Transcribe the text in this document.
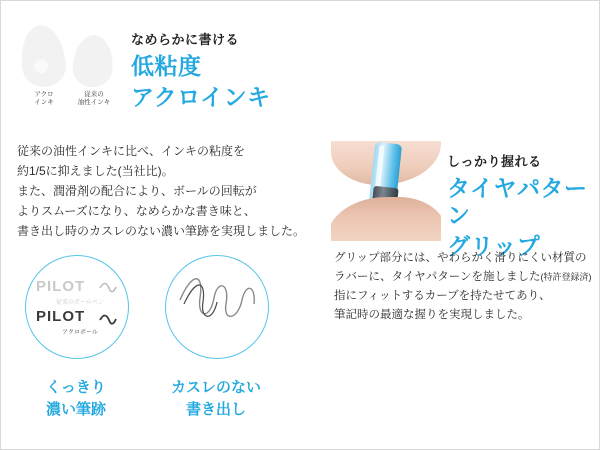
アクロ
インキ
従来の
油性インキ
なめらかに書ける
低粘度
アクロインキ
従来の油性インキに比べ、インキの粘度を
約1/5に抑えました(当社比)。
また、潤滑剤の配合により、ボールの回転が
よりスムーズになり、なめらかな書き味と、
書き出し時のカスレのない濃い筆跡を実現しました。
しっかり握れる
タイヤパターン
グリップ
グリップ部分には、やわらかく滑りにくい材質の
ラバーに、タイヤパターンを施しました(特許登録済)
指にフィットするカーブを持たせてあり、
筆記時の最適な握りを実現しました。
PILOT
従来のボールペン
PILOT
アクロボール
くっきり
濃い筆跡
カスレのない
書き出し
